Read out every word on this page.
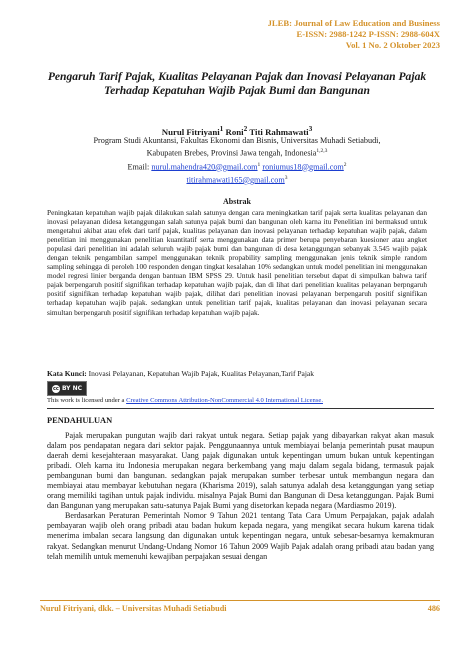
JLEB: Journal of Law Education and Business
E-ISSN: 2988-1242 P-ISSN: 2988-604X
Vol. 1 No. 2 Oktober 2023
Pengaruh Tarif Pajak, Kualitas Pelayanan Pajak dan Inovasi Pelayanan Pajak Terhadap Kepatuhan Wajib Pajak Bumi dan Bangunan
Nurul Fitriyani$^1$ Roni$^2$ Titi Rahmawati$^3$
Program Studi Akuntansi, Fakultas Ekonomi dan Bisnis, Universitas Muhadi Setiabudi,
Kabupaten Brebes, Provinsi Jawa tengah, Indonesia$^{1,2,3}$
Email: nurul.mahendra420@gmail.com$^1$ roniumus18@gmail.com$^2$
titirahmawati165@gmail.com$^3$
Abstrak
Peningkatan kepatuhan wajib pajak dilakukan salah satunya dengan cara meningkatkan tarif pajak serta kualitas pelayanan dan inovasi pelayanan didesa ketanggungan salah satunya pajak bumi dan bangunan oleh karna itu Penelitian ini bermaksud untuk mengetahui akibat atau efek dari tarif pajak, kualitas pelayanan dan inovasi pelayanan terhadap kepatuhan wajib pajak, dalam penelitian ini menggunakan penelitian kuantitatif serta menggunakan data primer berupa penyebaran kuesioner atau angket populasi dari penelitian ini adalah seluruh wajib pajak bumi dan bangunan di desa ketanggungan sebanyak 3.545 wajib pajak dengan teknik pengambilan sampel menggunakan teknik propability sampling menggunakan jenis teknik simple random sampling sehingga di peroleh 100 responden dengan tingkat kesalahan 10% sedangkan untuk model penelitian ini menggunakan model regresi linier berganda dengan bantuan IBM SPSS 29. Untuk hasil penelitian tersebut dapat di simpulkan bahwa tarif pajak berpengaruh positif signifikan terhadap kepatuhan wajib pajak, dan di lihat dari penelitian kualitas pelayanan berpngaruh positif signifikan terhadap kepatuhan wajib pajak, dilihat dari penelitian inovasi pelayanan berpengaruh positif signifikan terhadap kepatuhan wajib pajak. sedangkan untuk penelitian tarif pajak, kualitas pelayanan dan inovasi pelayanan secara simultan berpengaruh positif signifikan terhadap kepatuhan wajib pajak.
Kata Kunci: Inovasi Pelayanan, Kepatuhan Wajib Pajak, Kualitas Pelayanan,Tarif Pajak
cc BY NC
This work is licensed under a Creative Commons Attribution-NonCommercial 4.0 International License.
PENDAHULUAN

Pajak merupakan pungutan wajib dari rakyat untuk negara. Setiap pajak yang dibayarkan rakyat akan masuk dalam pos pendapatan negara dari sektor pajak. Penggunaannya untuk membiayai belanja pemerintah pusat maupun daerah demi kesejahteraan masyarakat. Uang pajak digunakan untuk kepentingan umum bukan untuk kepentingan pribadi. Oleh karna itu Indonesia merupakan negara berkembang yang maju dalam segala bidang, termasuk pajak pembangunan bumi dan bangunan. sedangkan pajak merupakan sumber terbesar untuk membangun negara dan membiayai atau membayar kebutuhan negara (Kharisma 2019), salah satunya adalah desa ketanggungan yang setiap orang memiliki tagihan untuk pajak individu. misalnya Pajak Bumi dan Bangunan di Desa ketanggungan. Pajak Bumi dan Bangunan yang merupakan satu-satunya Pajak Bumi yang disetorkan kepada negara (Mardiasmo 2019).

Berdasarkan Peraturan Pemerintah Nomor 9 Tahun 2021 tentang Tata Cara Umum Perpajakan, pajak adalah pembayaran wajib oleh orang pribadi atau badan hukum kepada negara, yang mengikat secara hukum karena tidak menerima imbalan secara langsung dan digunakan untuk kepentingan negara, untuk sebesar-besarnya kemakmuran rakyat. Sedangkan menurut Undang-Undang Nomor 16 Tahun 2009 Wajib Pajak adalah orang pribadi atau badan yang telah memilih untuk memenuhi kewajiban perpajakan sesuai dengan

Nurul Fitriyani, dkk. – Universitas Muhadi Setiabudi	486
